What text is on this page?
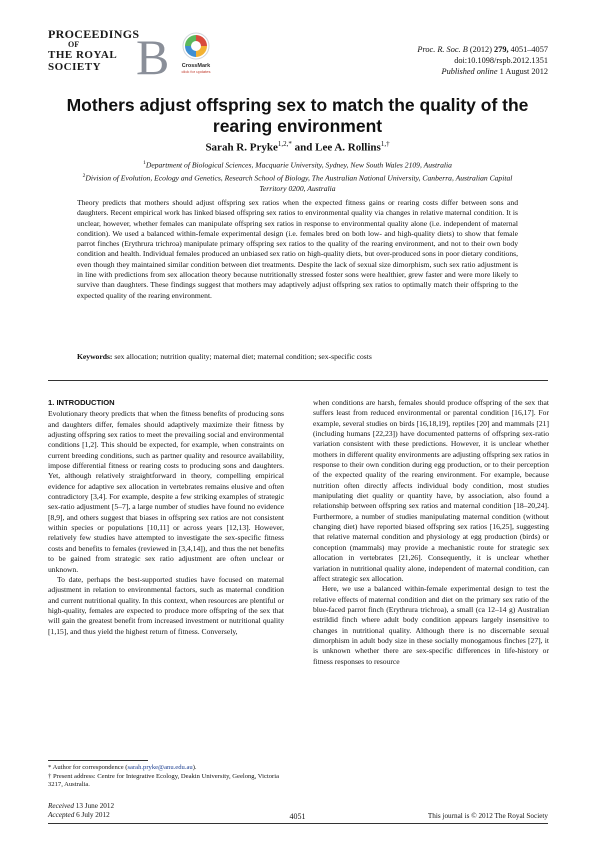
PROCEEDINGS
OF
THE ROYAL
SOCIETY B	CrossMark
click for updates
Proc. R. Soc. B (2012) 279, 4051–4057
doi:10.1098/rspb.2012.1351
Published online 1 August 2012
Mothers adjust offspring sex to match the quality of the rearing environment
Sarah R. Pryke$^{1,2,*}$ and Lee A. Rollins$^{1,\dagger}$
$^1$Department of Biological Sciences, Macquarie University, Sydney, New South Wales 2109, Australia
$^2$Division of Evolution, Ecology and Genetics, Research School of Biology, The Australian National University, Canberra, Australian Capital Territory 0200, Australia

Theory predicts that mothers should adjust offspring sex ratios when the expected fitness gains or rearing costs differ between sons and daughters. Recent empirical work has linked biased offspring sex ratios to environmental quality via changes in relative maternal condition. It is unclear, however, whether females can manipulate offspring sex ratios in response to environmental quality alone (i.e. independent of maternal condition). We used a balanced within-female experimental design (i.e. females bred on both low- and high-quality diets) to show that female parrot finches (Erythrura trichroa) manipulate primary offspring sex ratios to the quality of the rearing environment, and not to their own body condition and health. Individual females produced an unbiased sex ratio on high-quality diets, but over-produced sons in poor dietary conditions, even though they maintained similar condition between diet treatments. Despite the lack of sexual size dimorphism, such sex ratio adjustment is in line with predictions from sex allocation theory because nutritionally stressed foster sons were healthier, grew faster and were more likely to survive than daughters. These findings suggest that mothers may adaptively adjust offspring sex ratios to optimally match their offspring to the expected quality of the rearing environment.

Keywords: sex allocation; nutrition quality; maternal diet; maternal condition; sex-specific costs
1. INTRODUCTION

Evolutionary theory predicts that when the fitness benefits of producing sons and daughters differ, females should adaptively maximize their fitness by adjusting offspring sex ratios to meet the prevailing social and environmental conditions [1,2]. This should be expected, for example, when constraints on current breeding conditions, such as partner quality and resource availability, impose differential fitness or rearing costs to producing sons and daughters. Yet, although relatively straightforward in theory, compelling empirical evidence for adaptive sex allocation in vertebrates remains elusive and often contradictory [3,4]. For example, despite a few striking examples of strategic sex-ratio adjustment [5–7], a large number of studies have found no evidence [8,9], and others suggest that biases in offspring sex ratios are not consistent within species or populations [10,11] or across years [12,13]. However, relatively few studies have attempted to investigate the sex-specific fitness costs and benefits to females (reviewed in [3,4,14]), and thus the net benefits to be gained from strategic sex ratio adjustment are often unclear or unknown.

To date, perhaps the best-supported studies have focused on maternal adjustment in relation to environmental factors, such as maternal condition and current nutritional quality. In this context, when resources are plentiful or high-quality, females are expected to produce more offspring of the sex that will gain the greatest benefit from increased investment or nutritional quality [1,15], and thus yield the highest return of fitness. Conversely,

when conditions are harsh, females should produce offspring of the sex that suffers least from reduced environmental or parental condition [16,17]. For example, several studies on birds [16,18,19], reptiles [20] and mammals [21] (including humans [22,23]) have documented patterns of offspring sex-ratio variation consistent with these predictions. However, it is unclear whether mothers in different quality environments are adjusting offspring sex ratios in response to their own condition during egg production, or to their perception of the expected quality of the rearing environment. For example, because nutrition often directly affects individual body condition, most studies manipulating diet quality or quantity have, by association, also found a relationship between offspring sex ratios and maternal condition [18–20,24]. Furthermore, a number of studies manipulating maternal condition (without changing diet) have reported biased offspring sex ratios [16,25], suggesting that relative maternal condition and physiology at egg production (birds) or conception (mammals) may provide a mechanistic route for strategic sex allocation in vertebrates [21,26]. Consequently, it is unclear whether variation in nutritional quality alone, independent of maternal condition, can affect strategic sex allocation.

Here, we use a balanced within-female experimental design to test the relative effects of maternal condition and diet on the primary sex ratio of the blue-faced parrot finch (Erythrura trichroa), a small (ca 12–14 g) Australian estrildid finch where adult body condition appears largely insensitive to changes in nutritional quality. Although there is no discernable sexual dimorphism in adult body size in these socially monogamous finches [27], it is unknown whether there are sex-specific differences in life-history or fitness responses to resource

* Author for correspondence (sarah.pryke@anu.edu.au).
† Present address: Centre for Integrative Ecology, Deakin University, Geelong, Victoria 3217, Australia.
Received 13 June 2012
Accepted 6 July 2012	4051	This journal is © 2012 The Royal Society
